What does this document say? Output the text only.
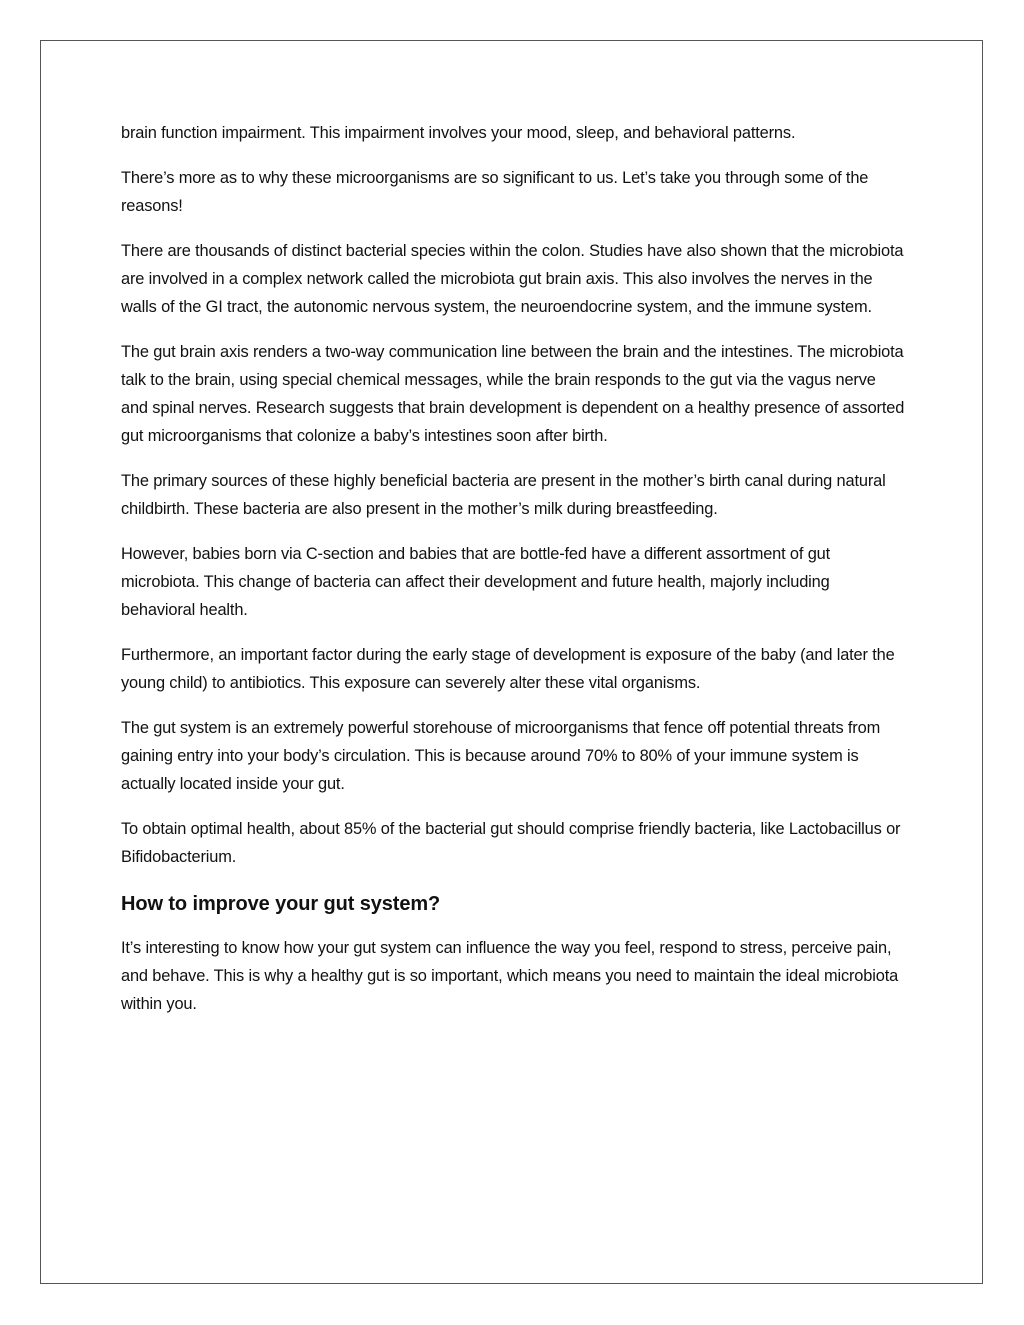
brain function impairment. This impairment involves your mood, sleep, and behavioral patterns.

There’s more as to why these microorganisms are so significant to us. Let’s take you through some of the reasons!

There are thousands of distinct bacterial species within the colon. Studies have also shown that the microbiota are involved in a complex network called the microbiota gut brain axis. This also involves the nerves in the walls of the GI tract, the autonomic nervous system, the neuroendocrine system, and the immune system.

The gut brain axis renders a two-way communication line between the brain and the intestines. The microbiota talk to the brain, using special chemical messages, while the brain responds to the gut via the vagus nerve and spinal nerves. Research suggests that brain development is dependent on a healthy presence of assorted gut microorganisms that colonize a baby’s intestines soon after birth.

The primary sources of these highly beneficial bacteria are present in the mother’s birth canal during natural childbirth. These bacteria are also present in the mother’s milk during breastfeeding.

However, babies born via C-section and babies that are bottle-fed have a different assortment of gut microbiota. This change of bacteria can affect their development and future health, majorly including behavioral health.

Furthermore, an important factor during the early stage of development is exposure of the baby (and later the young child) to antibiotics. This exposure can severely alter these vital organisms.

The gut system is an extremely powerful storehouse of microorganisms that fence off potential threats from gaining entry into your body’s circulation. This is because around 70% to 80% of your immune system is actually located inside your gut.

To obtain optimal health, about 85% of the bacterial gut should comprise friendly bacteria, like Lactobacillus or Bifidobacterium.

How to improve your gut system?

It’s interesting to know how your gut system can influence the way you feel, respond to stress, perceive pain, and behave. This is why a healthy gut is so important, which means you need to maintain the ideal microbiota within you.
